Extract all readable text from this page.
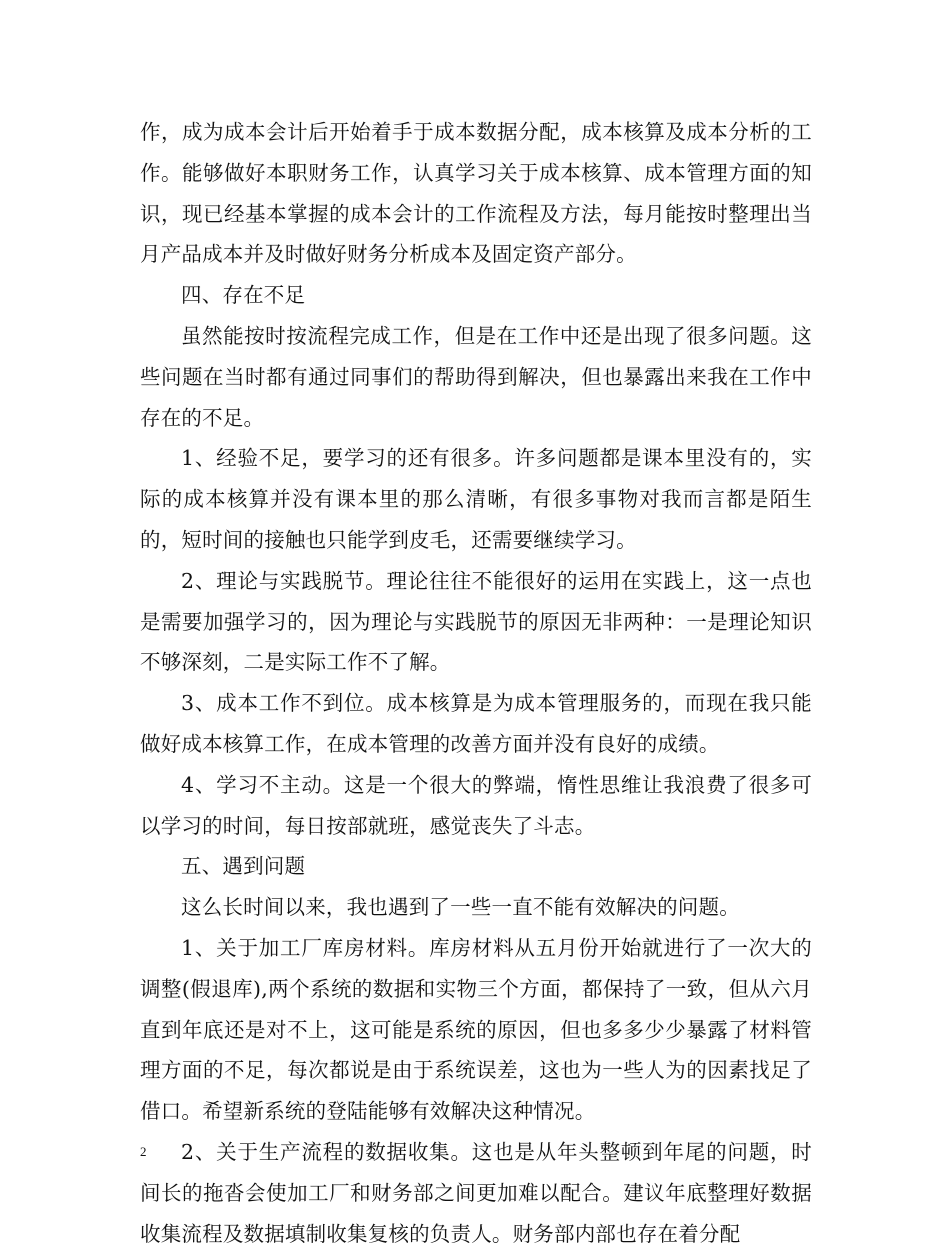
作，成为成本会计后开始着手于成本数据分配，成本核算及成本分析的工作。能够做好本职财务工作，认真学习关于成本核算、成本管理方面的知识，现已经基本掌握的成本会计的工作流程及方法，每月能按时整理出当月产品成本并及时做好财务分析成本及固定资产部分。

四、存在不足

虽然能按时按流程完成工作，但是在工作中还是出现了很多问题。这些问题在当时都有通过同事们的帮助得到解决，但也暴露出来我在工作中存在的不足。

1、经验不足，要学习的还有很多。许多问题都是课本里没有的，实际的成本核算并没有课本里的那么清晰，有很多事物对我而言都是陌生的，短时间的接触也只能学到皮毛，还需要继续学习。

2、理论与实践脱节。理论往往不能很好的运用在实践上，这一点也是需要加强学习的，因为理论与实践脱节的原因无非两种：一是理论知识不够深刻，二是实际工作不了解。

3、成本工作不到位。成本核算是为成本管理服务的，而现在我只能做好成本核算工作，在成本管理的改善方面并没有良好的成绩。

4、学习不主动。这是一个很大的弊端，惰性思维让我浪费了很多可以学习的时间，每日按部就班，感觉丧失了斗志。

五、遇到问题

这么长时间以来，我也遇到了一些一直不能有效解决的问题。

1、关于加工厂库房材料。库房材料从五月份开始就进行了一次大的调整(假退库),两个系统的数据和实物三个方面，都保持了一致，但从六月直到年底还是对不上，这可能是系统的原因，但也多多少少暴露了材料管理方面的不足，每次都说是由于系统误差，这也为一些人为的因素找足了借口。希望新系统的登陆能够有效解决这种情况。

2、关于生产流程的数据收集。这也是从年头整顿到年尾的问题，时间长的拖沓会使加工厂和财务部之间更加难以配合。建议年底整理好数据收集流程及数据填制收集复核的负责人。财务部内部也存在着分配

2
